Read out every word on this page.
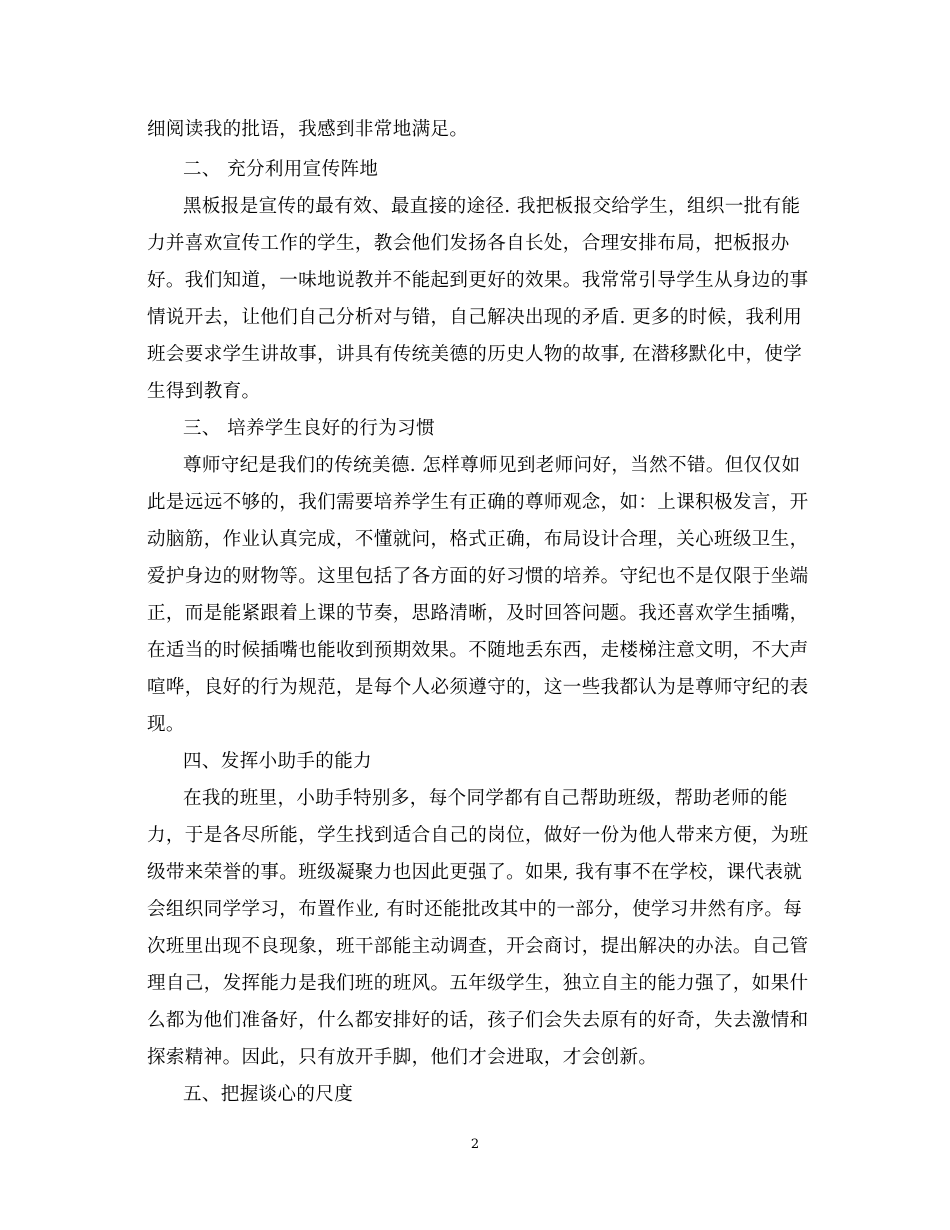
细阅读我的批语，我感到非常地满足。
二、 充分利用宣传阵地
黑板报是宣传的最有效、最直接的途径. 我把板报交给学生，组织一批有能
力并喜欢宣传工作的学生，教会他们发扬各自长处，合理安排布局，把板报办
好。我们知道，一味地说教并不能起到更好的效果。我常常引导学生从身边的事
情说开去，让他们自己分析对与错，自己解决出现的矛盾. 更多的时候，我利用
班会要求学生讲故事，讲具有传统美德的历史人物的故事, 在潜移默化中，使学
生得到教育。
三、 培养学生良好的行为习惯
尊师守纪是我们的传统美德. 怎样尊师见到老师问好，当然不错。但仅仅如
此是远远不够的，我们需要培养学生有正确的尊师观念，如：上课积极发言，开
动脑筋，作业认真完成，不懂就问，格式正确，布局设计合理，关心班级卫生，
爱护身边的财物等。这里包括了各方面的好习惯的培养。守纪也不是仅限于坐端
正，而是能紧跟着上课的节奏，思路清晰，及时回答问题。我还喜欢学生插嘴，
在适当的时候插嘴也能收到预期效果。不随地丢东西，走楼梯注意文明，不大声
喧哗，良好的行为规范，是每个人必须遵守的，这一些我都认为是尊师守纪的表
现。
四、发挥小助手的能力
在我的班里，小助手特别多，每个同学都有自己帮助班级，帮助老师的能
力，于是各尽所能，学生找到适合自己的岗位，做好一份为他人带来方便，为班
级带来荣誉的事。班级凝聚力也因此更强了。如果, 我有事不在学校，课代表就
会组织同学学习，布置作业, 有时还能批改其中的一部分，使学习井然有序。每
次班里出现不良现象，班干部能主动调查，开会商讨，提出解决的办法。自己管
理自己，发挥能力是我们班的班风。五年级学生，独立自主的能力强了，如果什
么都为他们准备好，什么都安排好的话，孩子们会失去原有的好奇，失去激情和
探索精神。因此，只有放开手脚，他们才会进取，才会创新。
五、把握谈心的尺度
2
